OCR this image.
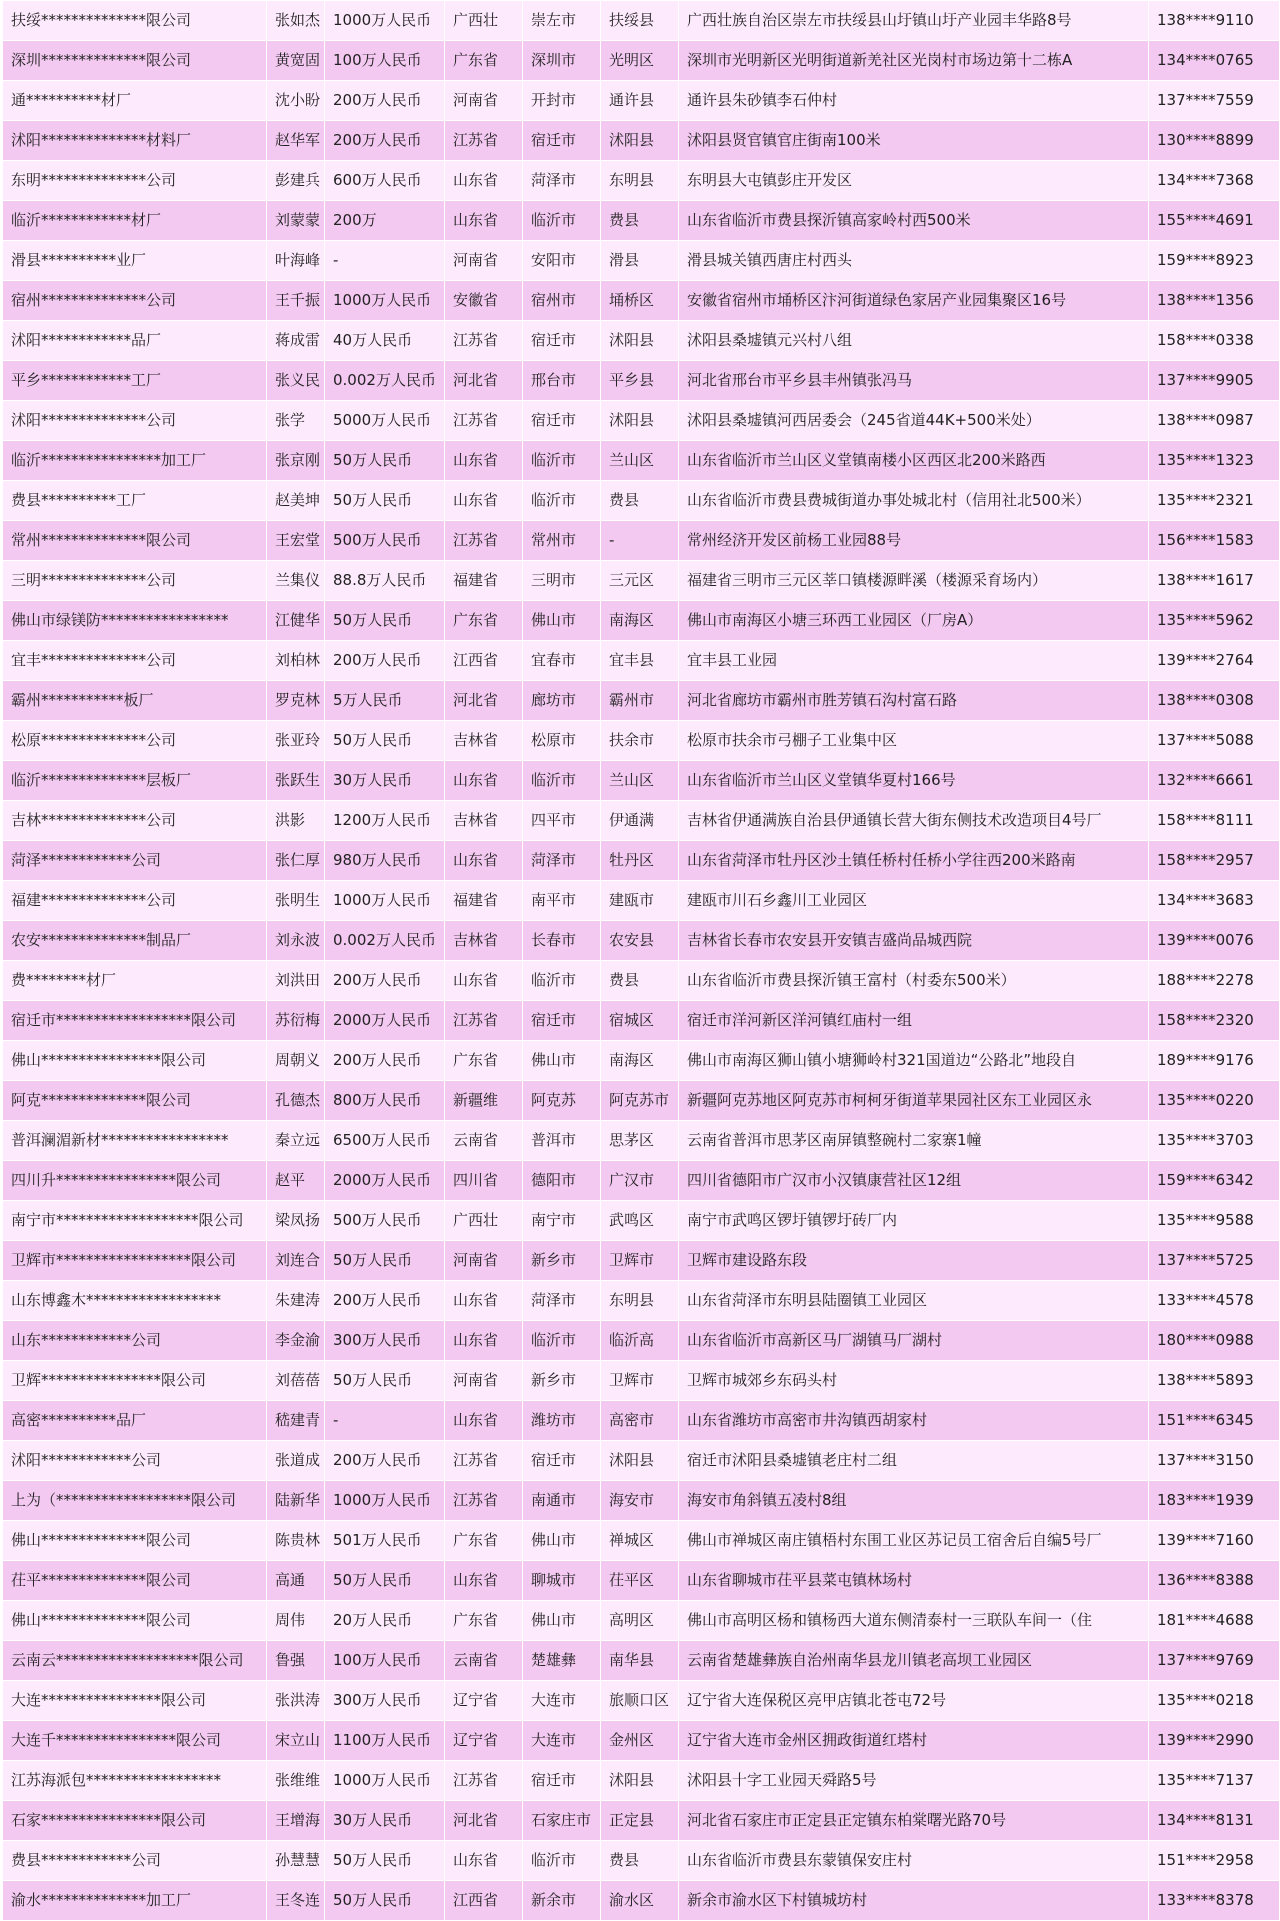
扶绥**************限公司	张如杰	1000万人民币	广西壮	崇左市	扶绥县	广西壮族自治区崇左市扶绥县山圩镇山圩产业园丰华路8号	138****9110
深圳**************限公司	黄宽固	100万人民币	广东省	深圳市	光明区	深圳市光明新区光明街道新羌社区光岗村市场边第十二栋A	134****0765
通**********材厂	沈小盼	200万人民币	河南省	开封市	通许县	通许县朱砂镇李石仲村	137****7559
沭阳**************材料厂	赵华军	200万人民币	江苏省	宿迁市	沭阳县	沭阳县贤官镇官庄街南100米	130****8899
东明**************公司	彭建兵	600万人民币	山东省	菏泽市	东明县	东明县大屯镇彭庄开发区	134****7368
临沂************材厂	刘蒙蒙	200万	山东省	临沂市	费县	山东省临沂市费县探沂镇高家岭村西500米	155****4691
滑县**********业厂	叶海峰	-	河南省	安阳市	滑县	滑县城关镇西唐庄村西头	159****8923
宿州**************公司	王千振	1000万人民币	安徽省	宿州市	埇桥区	安徽省宿州市埇桥区汴河街道绿色家居产业园集聚区16号	138****1356
沭阳************品厂	蒋成雷	40万人民币	江苏省	宿迁市	沭阳县	沭阳县桑墟镇元兴村八组	158****0338
平乡************工厂	张义民	0.002万人民币	河北省	邢台市	平乡县	河北省邢台市平乡县丰州镇张冯马	137****9905
沭阳**************公司	张学	5000万人民币	江苏省	宿迁市	沭阳县	沭阳县桑墟镇河西居委会（245省道44K+500米处）	138****0987
临沂****************加工厂	张京刚	50万人民币	山东省	临沂市	兰山区	山东省临沂市兰山区义堂镇南楼小区西区北200米路西	135****1323
费县**********工厂	赵美坤	50万人民币	山东省	临沂市	费县	山东省临沂市费县费城街道办事处城北村（信用社北500米）	135****2321
常州**************限公司	王宏堂	500万人民币	江苏省	常州市	-	常州经济开发区前杨工业园88号	156****1583
三明**************公司	兰集仪	88.8万人民币	福建省	三明市	三元区	福建省三明市三元区莘口镇楼源畔溪（楼源采育场内）	138****1617
佛山市绿镁防*****************	江健华	50万人民币	广东省	佛山市	南海区	佛山市南海区小塘三环西工业园区（厂房A）	135****5962
宜丰**************公司	刘柏林	200万人民币	江西省	宜春市	宜丰县	宜丰县工业园	139****2764
霸州***********板厂	罗克林	5万人民币	河北省	廊坊市	霸州市	河北省廊坊市霸州市胜芳镇石沟村富石路	138****0308
松原**************公司	张亚玲	50万人民币	吉林省	松原市	扶余市	松原市扶余市弓棚子工业集中区	137****5088
临沂**************层板厂	张跃生	30万人民币	山东省	临沂市	兰山区	山东省临沂市兰山区义堂镇华夏村166号	132****6661
吉林**************公司	洪影	1200万人民币	吉林省	四平市	伊通满	吉林省伊通满族自治县伊通镇长营大街东侧技术改造项目4号厂	158****8111
菏泽************公司	张仁厚	980万人民币	山东省	菏泽市	牡丹区	山东省菏泽市牡丹区沙土镇任桥村任桥小学往西200米路南	158****2957
福建**************公司	张明生	1000万人民币	福建省	南平市	建瓯市	建瓯市川石乡鑫川工业园区	134****3683
农安**************制品厂	刘永波	0.002万人民币	吉林省	长春市	农安县	吉林省长春市农安县开安镇吉盛尚品城西院	139****0076
费********材厂	刘洪田	200万人民币	山东省	临沂市	费县	山东省临沂市费县探沂镇王富村（村委东500米）	188****2278
宿迁市******************限公司	苏衍梅	2000万人民币	江苏省	宿迁市	宿城区	宿迁市洋河新区洋河镇红庙村一组	158****2320
佛山****************限公司	周朝义	200万人民币	广东省	佛山市	南海区	佛山市南海区狮山镇小塘狮岭村321国道边“公路北”地段自	189****9176
阿克**************限公司	孔德杰	800万人民币	新疆维	阿克苏	阿克苏市	新疆阿克苏地区阿克苏市柯柯牙街道苹果园社区东工业园区永	135****0220
普洱澜湄新材*****************	秦立远	6500万人民币	云南省	普洱市	思茅区	云南省普洱市思茅区南屏镇整碗村二家寨1幢	135****3703
四川升****************限公司	赵平	2000万人民币	四川省	德阳市	广汉市	四川省德阳市广汉市小汉镇康营社区12组	159****6342
南宁市*******************限公司	梁凤扬	500万人民币	广西壮	南宁市	武鸣区	南宁市武鸣区锣圩镇锣圩砖厂内	135****9588
卫辉市******************限公司	刘连合	50万人民币	河南省	新乡市	卫辉市	卫辉市建设路东段	137****5725
山东博鑫木******************	朱建涛	200万人民币	山东省	菏泽市	东明县	山东省菏泽市东明县陆圈镇工业园区	133****4578
山东************公司	李金渝	300万人民币	山东省	临沂市	临沂高	山东省临沂市高新区马厂湖镇马厂湖村	180****0988
卫辉****************限公司	刘蓓蓓	50万人民币	河南省	新乡市	卫辉市	卫辉市城郊乡东码头村	138****5893
高密**********品厂	嵇建青	-	山东省	潍坊市	高密市	山东省潍坊市高密市井沟镇西胡家村	151****6345
沭阳************公司	张道成	200万人民币	江苏省	宿迁市	沭阳县	宿迁市沭阳县桑墟镇老庄村二组	137****3150
上为（******************限公司	陆新华	1000万人民币	江苏省	南通市	海安市	海安市角斜镇五凌村8组	183****1939
佛山**************限公司	陈贵林	501万人民币	广东省	佛山市	禅城区	佛山市禅城区南庄镇梧村东围工业区苏记员工宿舍后自编5号厂	139****7160
茌平**************限公司	高通	50万人民币	山东省	聊城市	茌平区	山东省聊城市茌平县菜屯镇林场村	136****8388
佛山**************限公司	周伟	20万人民币	广东省	佛山市	高明区	佛山市高明区杨和镇杨西大道东侧清泰村一三联队车间一（住	181****4688
云南云*******************限公司	鲁强	100万人民币	云南省	楚雄彝	南华县	云南省楚雄彝族自治州南华县龙川镇老高坝工业园区	137****9769
大连****************限公司	张洪涛	300万人民币	辽宁省	大连市	旅顺口区	辽宁省大连保税区亮甲店镇北苍屯72号	135****0218
大连千****************限公司	宋立山	1100万人民币	辽宁省	大连市	金州区	辽宁省大连市金州区拥政街道红塔村	139****2990
江苏海派包******************	张维维	1000万人民币	江苏省	宿迁市	沭阳县	沭阳县十字工业园天舜路5号	135****7137
石家****************限公司	王增海	30万人民币	河北省	石家庄市	正定县	河北省石家庄市正定县正定镇东柏棠曙光路70号	134****8131
费县************公司	孙慧慧	50万人民币	山东省	临沂市	费县	山东省临沂市费县东蒙镇保安庄村	151****2958
渝水**************加工厂	王冬连	50万人民币	江西省	新余市	渝水区	新余市渝水区下村镇城坊村	133****8378
